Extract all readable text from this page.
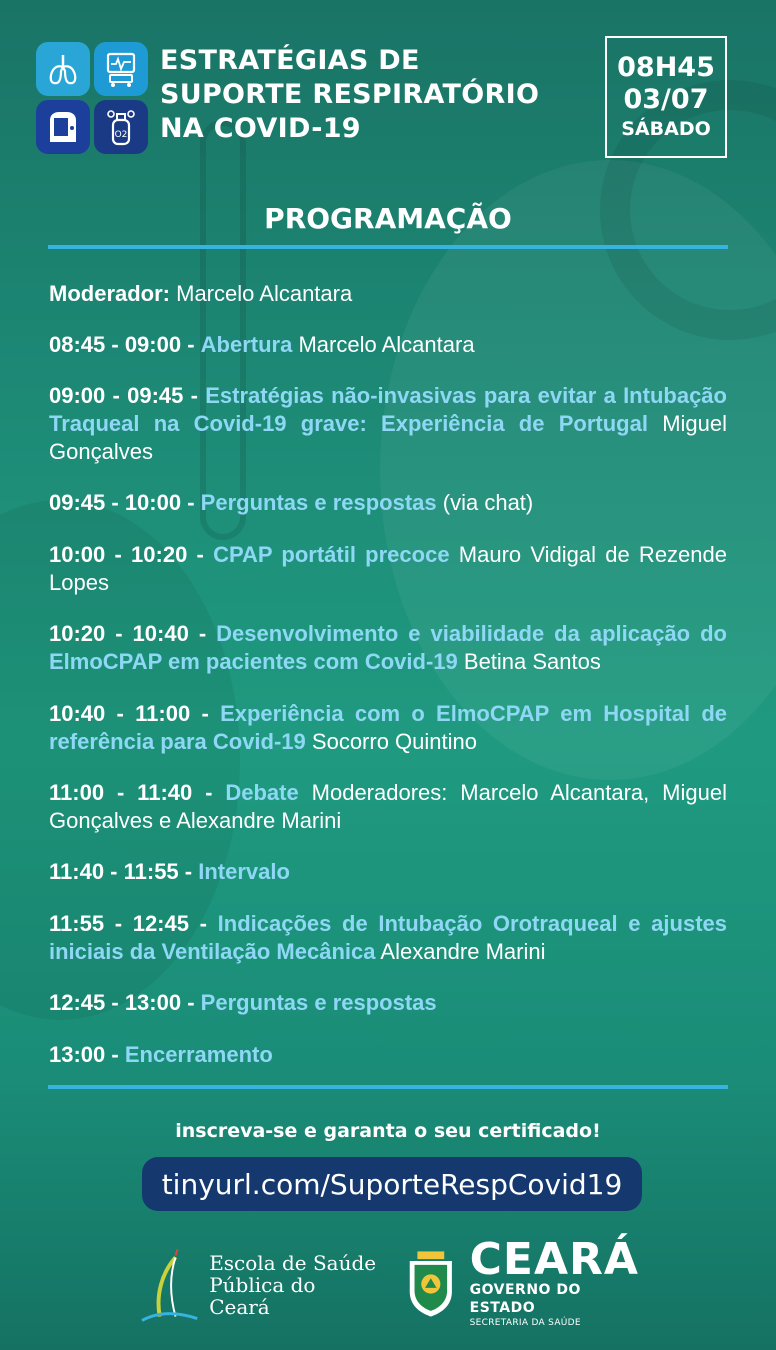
O2
ESTRATÉGIAS DE
SUPORTE RESPIRATÓRIO
NA COVID-19
08H45
03/07
SÁBADO
PROGRAMAÇÃO
Moderador: Marcelo Alcantara
08:45 - 09:00 - Abertura Marcelo Alcantara
09:00 - 09:45 - Estratégias não-invasivas para evitar a Intubação Traqueal na Covid-19 grave: Experiência de Portugal Miguel Gonçalves
09:45 - 10:00 - Perguntas e respostas (via chat)
10:00 - 10:20 - CPAP portátil precoce Mauro Vidigal de Rezende Lopes
10:20 - 10:40 - Desenvolvimento e viabilidade da aplicação do ElmoCPAP em pacientes com Covid-19 Betina Santos
10:40 - 11:00 - Experiência com o ElmoCPAP em Hospital de referência para Covid-19 Socorro Quintino
11:00 - 11:40 - Debate Moderadores: Marcelo Alcantara, Miguel Gonçalves e Alexandre Marini
11:40 - 11:55 - Intervalo
11:55 - 12:45 - Indicações de Intubação Orotraqueal e ajustes iniciais da Ventilação Mecânica Alexandre Marini
12:45 - 13:00 - Perguntas e respostas
13:00 - Encerramento
inscreva-se e garanta o seu certificado!
tinyurl.com/SuporteRespCovid19
Escola de Saúde
Pública do Ceará
CEARÁ
GOVERNO DO ESTADO
SECRETARIA DA SAÚDE
